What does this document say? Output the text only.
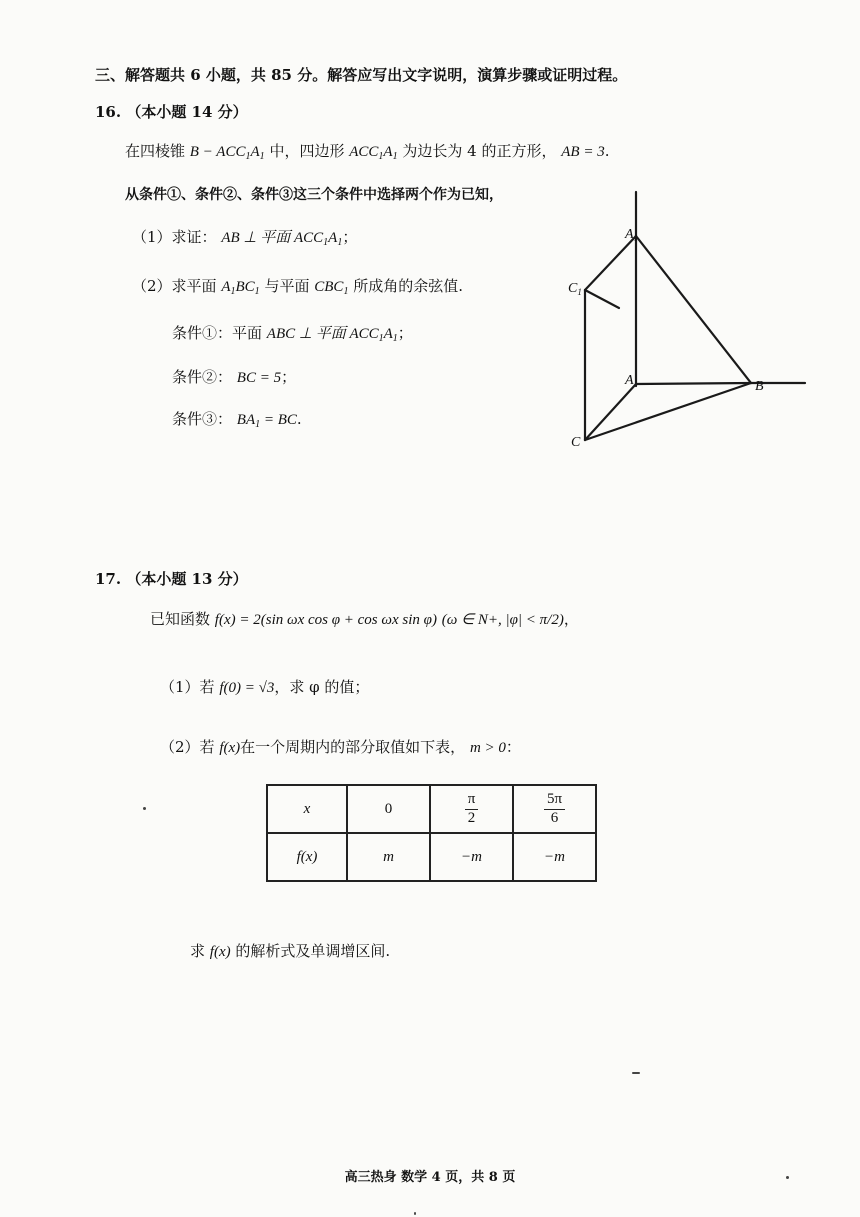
三、解答题共 6 小题，共 85 分。解答应写出文字说明，演算步骤或证明过程。
16. （本小题 14 分）
在四棱锥 $B - ACC_1A_1$ 中，四边形 $ACC_1A_1$ 为边长为 4 的正方形， AB = 3.
从条件①、条件②、条件③这三个条件中选择两个作为已知，
（1）求证： AB ⊥ 平面 $ACC_1A_1$；
（2）求平面 $A_1BC_1$ 与平面 $CBC_1$ 所成角的余弦值.
条件①：平面 ABC ⊥ 平面 $ACC_1A_1$；
条件②： BC = 5；
条件③： $BA_1$ = BC.
$A_1$
$C_1$
A	B
C
17. （本小题 13 分）
已知函数 f(x) = 2(sin ωx cos φ + cos ωx sin φ) (ω ∈ N+, |φ| < π/2)，
（1）若 f(0) = √3，求 φ 的值；
（2）若 f(x)在一个周期内的部分取值如下表， m > 0：
x	0	$\frac{\pi}{2}$	$\frac{5\pi}{6}$

f(x)	m	−m	−m
求 f(x) 的解析式及单调增区间.
高三热身 数学 4 页，共 8 页
